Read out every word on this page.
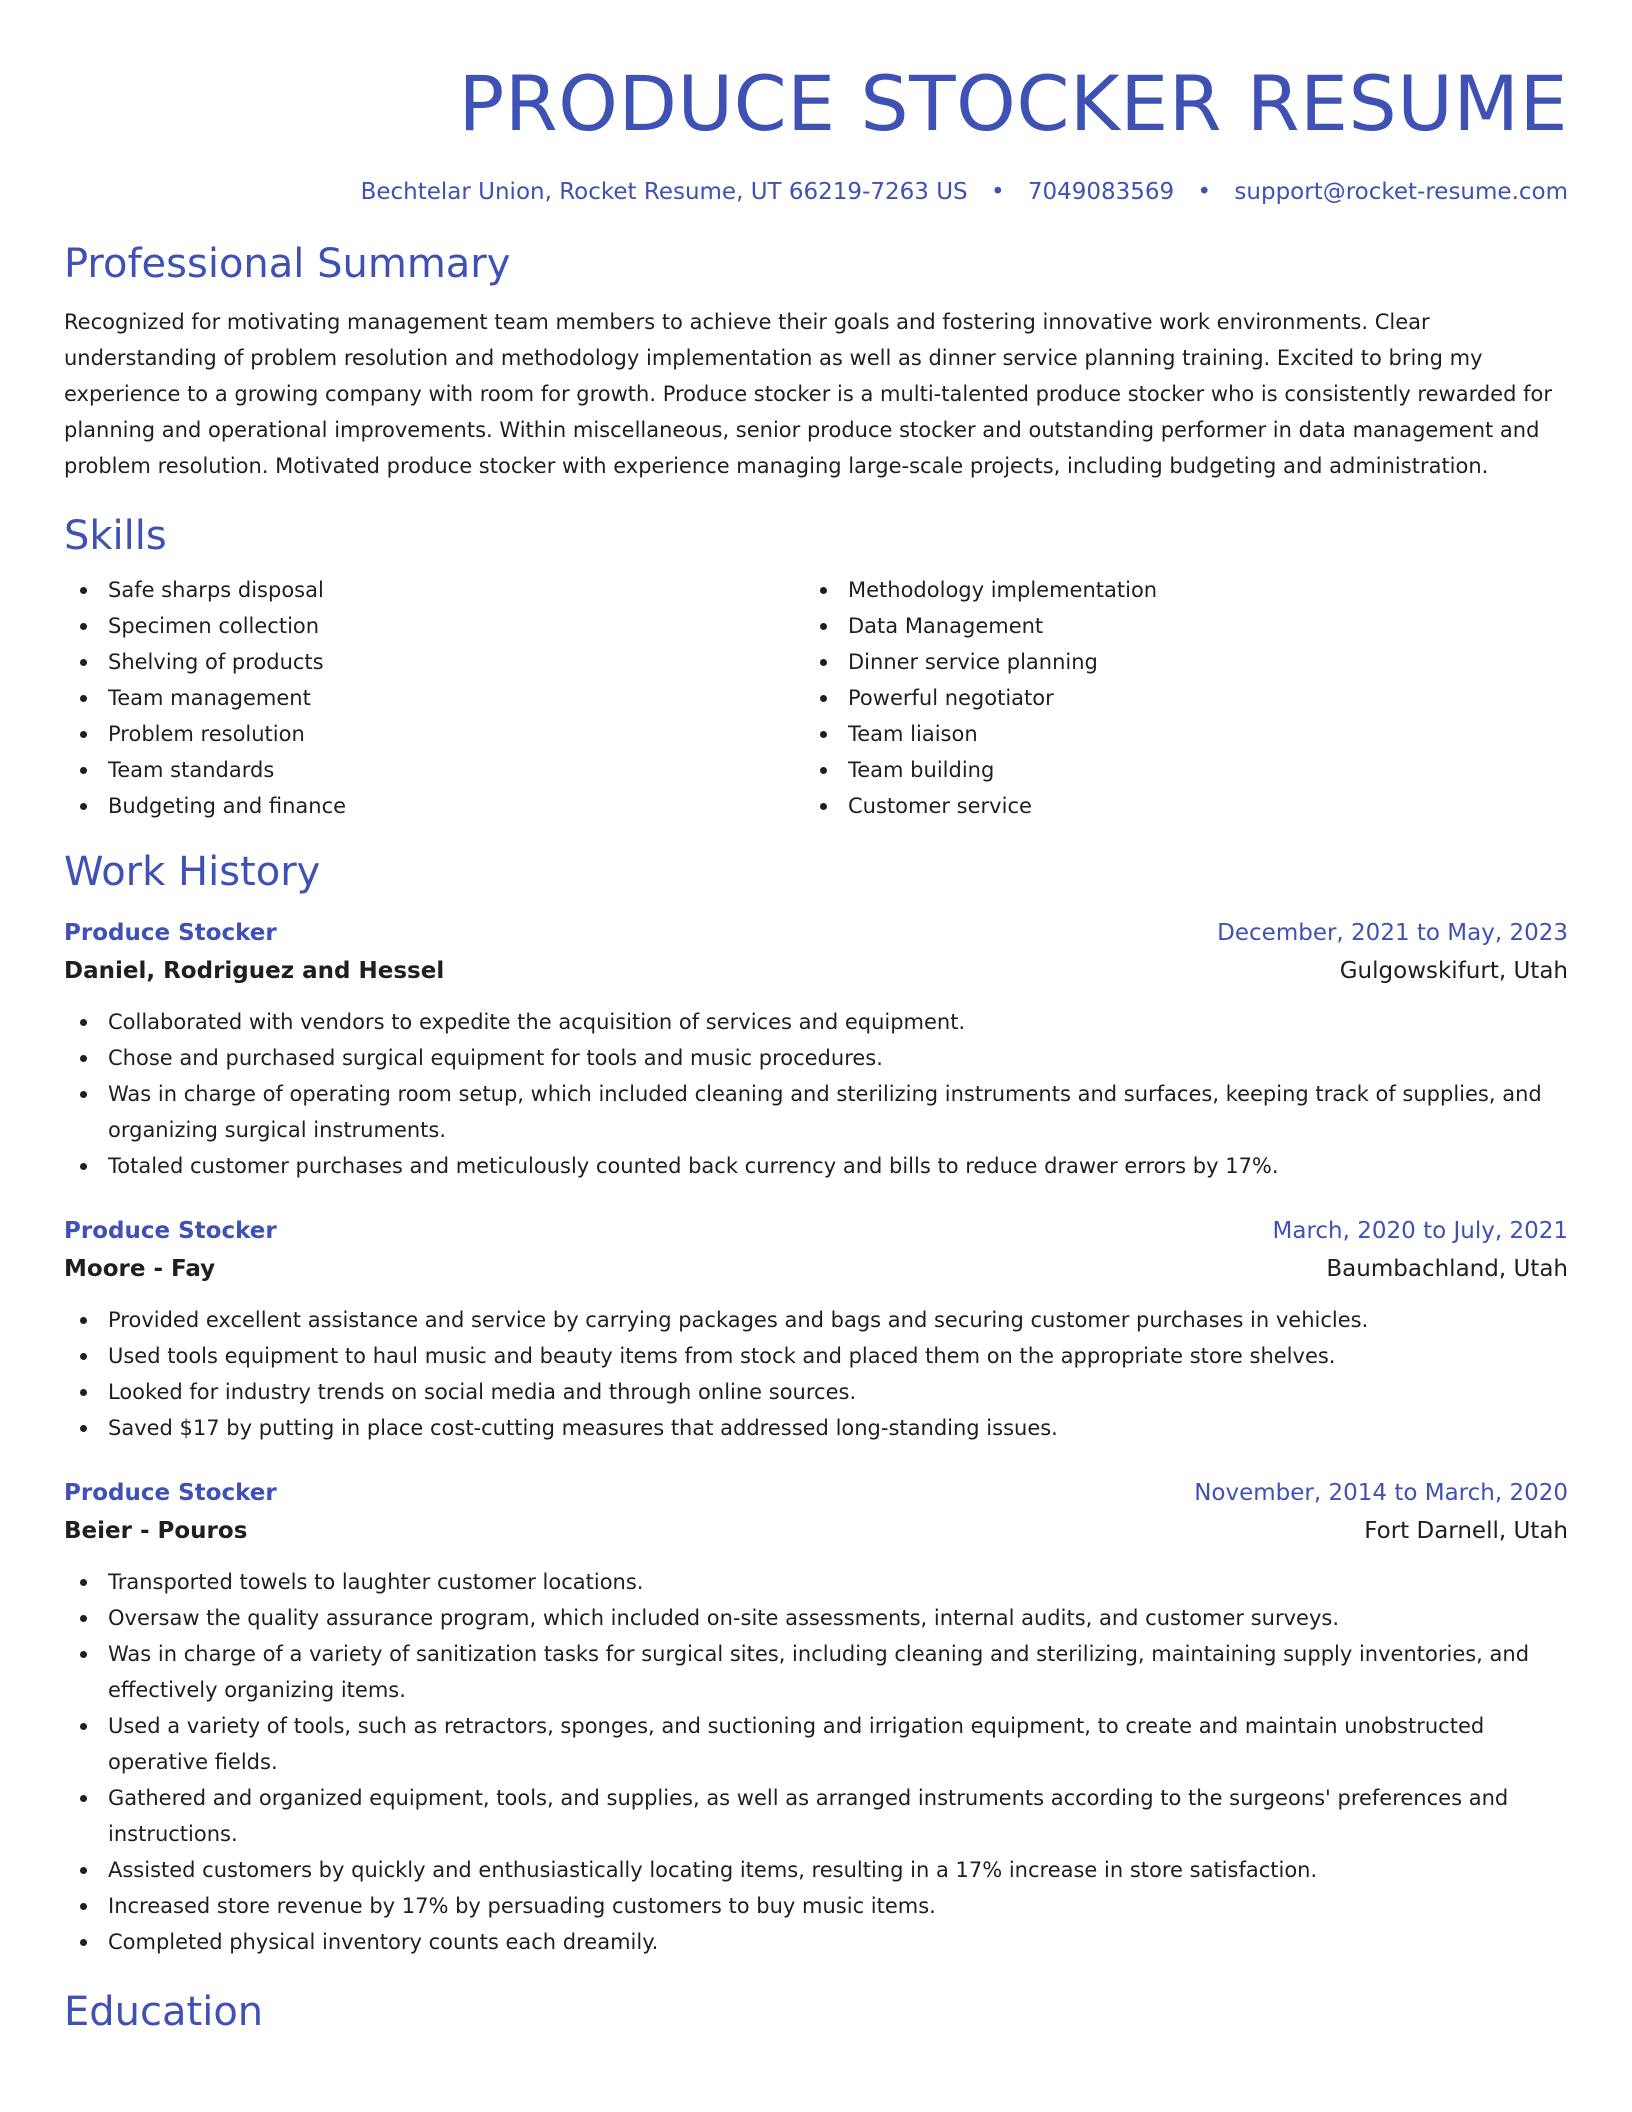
PRODUCE STOCKER RESUME
Bechtelar Union, Rocket Resume, UT 66219-7263 US • 7049083569 • support@rocket-resume.com
Professional Summary

Recognized for motivating management team members to achieve their goals and fostering innovative work environments. Clear understanding of problem resolution and methodology implementation as well as dinner service planning training. Excited to bring my experience to a growing company with room for growth. Produce stocker is a multi-talented produce stocker who is consistently rewarded for planning and operational improvements. Within miscellaneous, senior produce stocker and outstanding performer in data management and problem resolution. Motivated produce stocker with experience managing large-scale projects, including budgeting and administration.

Skills
Safe sharps disposal
Specimen collection
Shelving of products
Team management
Problem resolution
Team standards
Budgeting and finance
Methodology implementation
Data Management
Dinner service planning
Powerful negotiator
Team liaison
Team building
Customer service
Work History
Produce Stocker	December, 2021 to May, 2023
Daniel, Rodriguez and Hessel	Gulgowskifurt, Utah
Collaborated with vendors to expedite the acquisition of services and equipment.
Chose and purchased surgical equipment for tools and music procedures.
Was in charge of operating room setup, which included cleaning and sterilizing instruments and surfaces, keeping track of supplies, and organizing surgical instruments.
Totaled customer purchases and meticulously counted back currency and bills to reduce drawer errors by 17%.
Produce Stocker	March, 2020 to July, 2021
Moore - Fay	Baumbachland, Utah
Provided excellent assistance and service by carrying packages and bags and securing customer purchases in vehicles.
Used tools equipment to haul music and beauty items from stock and placed them on the appropriate store shelves.
Looked for industry trends on social media and through online sources.
Saved $17 by putting in place cost-cutting measures that addressed long-standing issues.
Produce Stocker	November, 2014 to March, 2020
Beier - Pouros	Fort Darnell, Utah
Transported towels to laughter customer locations.
Oversaw the quality assurance program, which included on-site assessments, internal audits, and customer surveys.
Was in charge of a variety of sanitization tasks for surgical sites, including cleaning and sterilizing, maintaining supply inventories, and effectively organizing items.
Used a variety of tools, such as retractors, sponges, and suctioning and irrigation equipment, to create and maintain unobstructed operative fields.
Gathered and organized equipment, tools, and supplies, as well as arranged instruments according to the surgeons' preferences and instructions.
Assisted customers by quickly and enthusiastically locating items, resulting in a 17% increase in store satisfaction.
Increased store revenue by 17% by persuading customers to buy music items.
Completed physical inventory counts each dreamily.
Education
